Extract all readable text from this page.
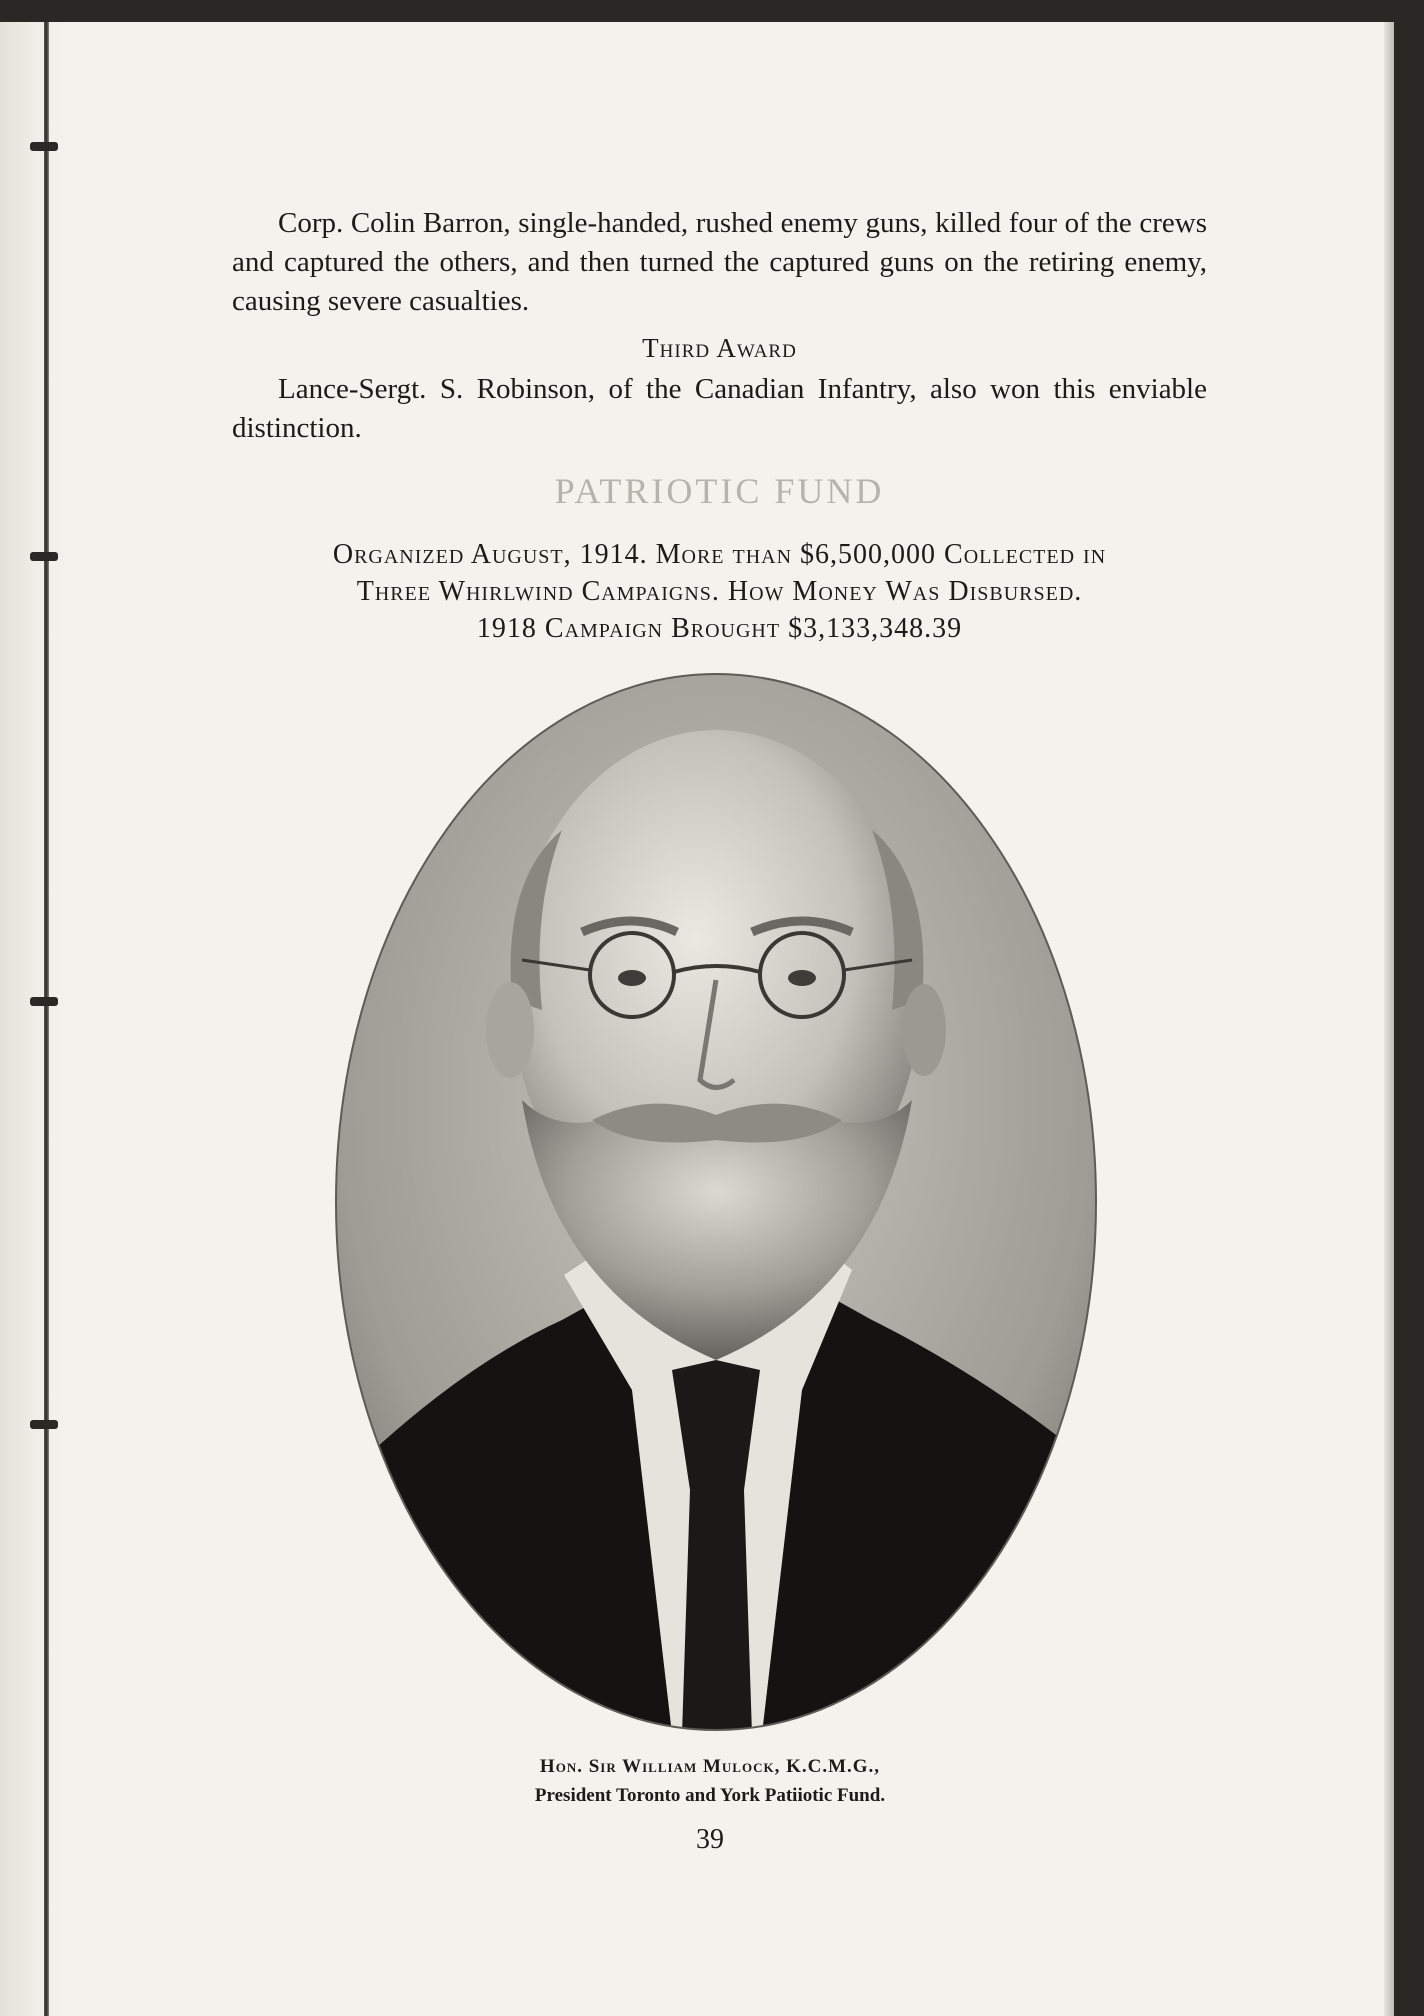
Corp. Colin Barron, single-handed, rushed enemy guns, killed four of the crews and captured the others, and then turned the captured guns on the retiring enemy, causing severe casualties.

Third Award

Lance-Sergt. S. Robinson, of the Canadian Infantry, also won this enviable distinction.

PATRIOTIC FUND

Organized August, 1914. More than $6,500,000 Collected in
Three Whirlwind Campaigns. How Money Was Disbursed.
1918 Campaign Brought $3,133,348.39

Hon. Sir William Mulock, K.C.M.G.,
President Toronto and York Patiiotic Fund.

39
